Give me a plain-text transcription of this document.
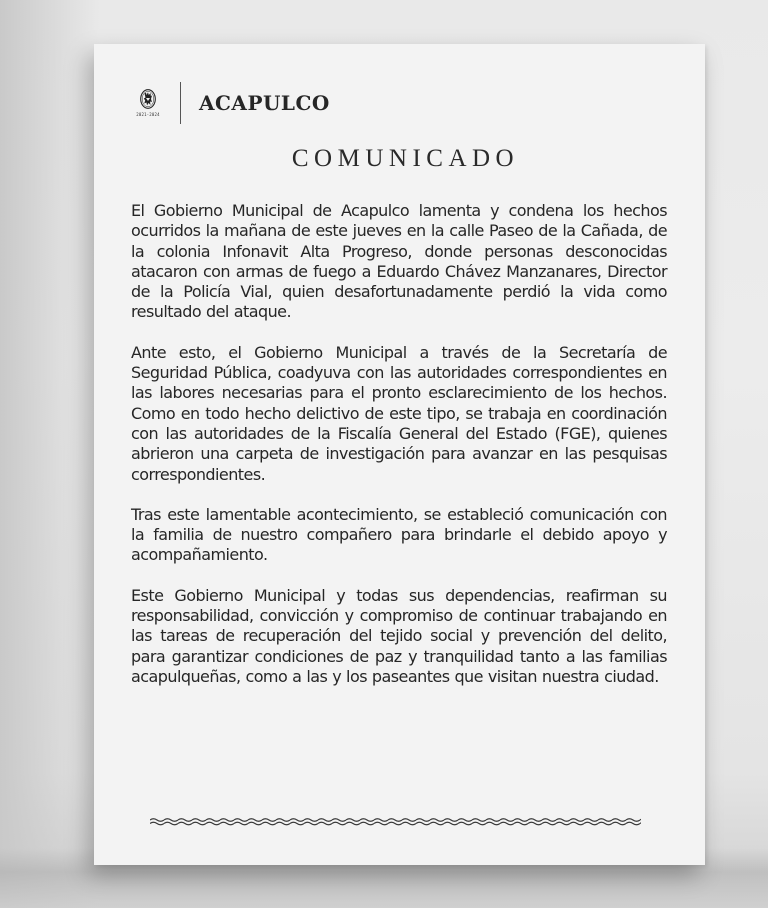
2021-2024 ACAPULCO
COMUNICADO

El Gobierno Municipal de Acapulco lamenta y condena los hechos ocurridos la mañana de este jueves en la calle Paseo de la Cañada, de la colonia Infonavit Alta Progreso, donde personas desconocidas atacaron con armas de fuego a Eduardo Chávez Manzanares, Director de la Policía Vial, quien desafortunadamente perdió la vida como resultado del ataque.

Ante esto, el Gobierno Municipal a través de la Secretaría de Seguridad Pública, coadyuva con las autoridades correspondientes en las labores necesarias para el pronto esclarecimiento de los hechos. Como en todo hecho delictivo de este tipo, se trabaja en coordinación con las autoridades de la Fiscalía General del Estado (FGE), quienes abrieron una carpeta de investigación para avanzar en las pesquisas correspondientes.

Tras este lamentable acontecimiento, se estableció comunicación con la familia de nuestro compañero para brindarle el debido apoyo y acompañamiento.

Este Gobierno Municipal y todas sus dependencias, reafirman su responsabilidad, convicción y compromiso de continuar trabajando en las tareas de recuperación del tejido social y prevención del delito, para garantizar condiciones de paz y tranquilidad tanto a las familias acapulqueñas, como a las y los paseantes que visitan nuestra ciudad.
